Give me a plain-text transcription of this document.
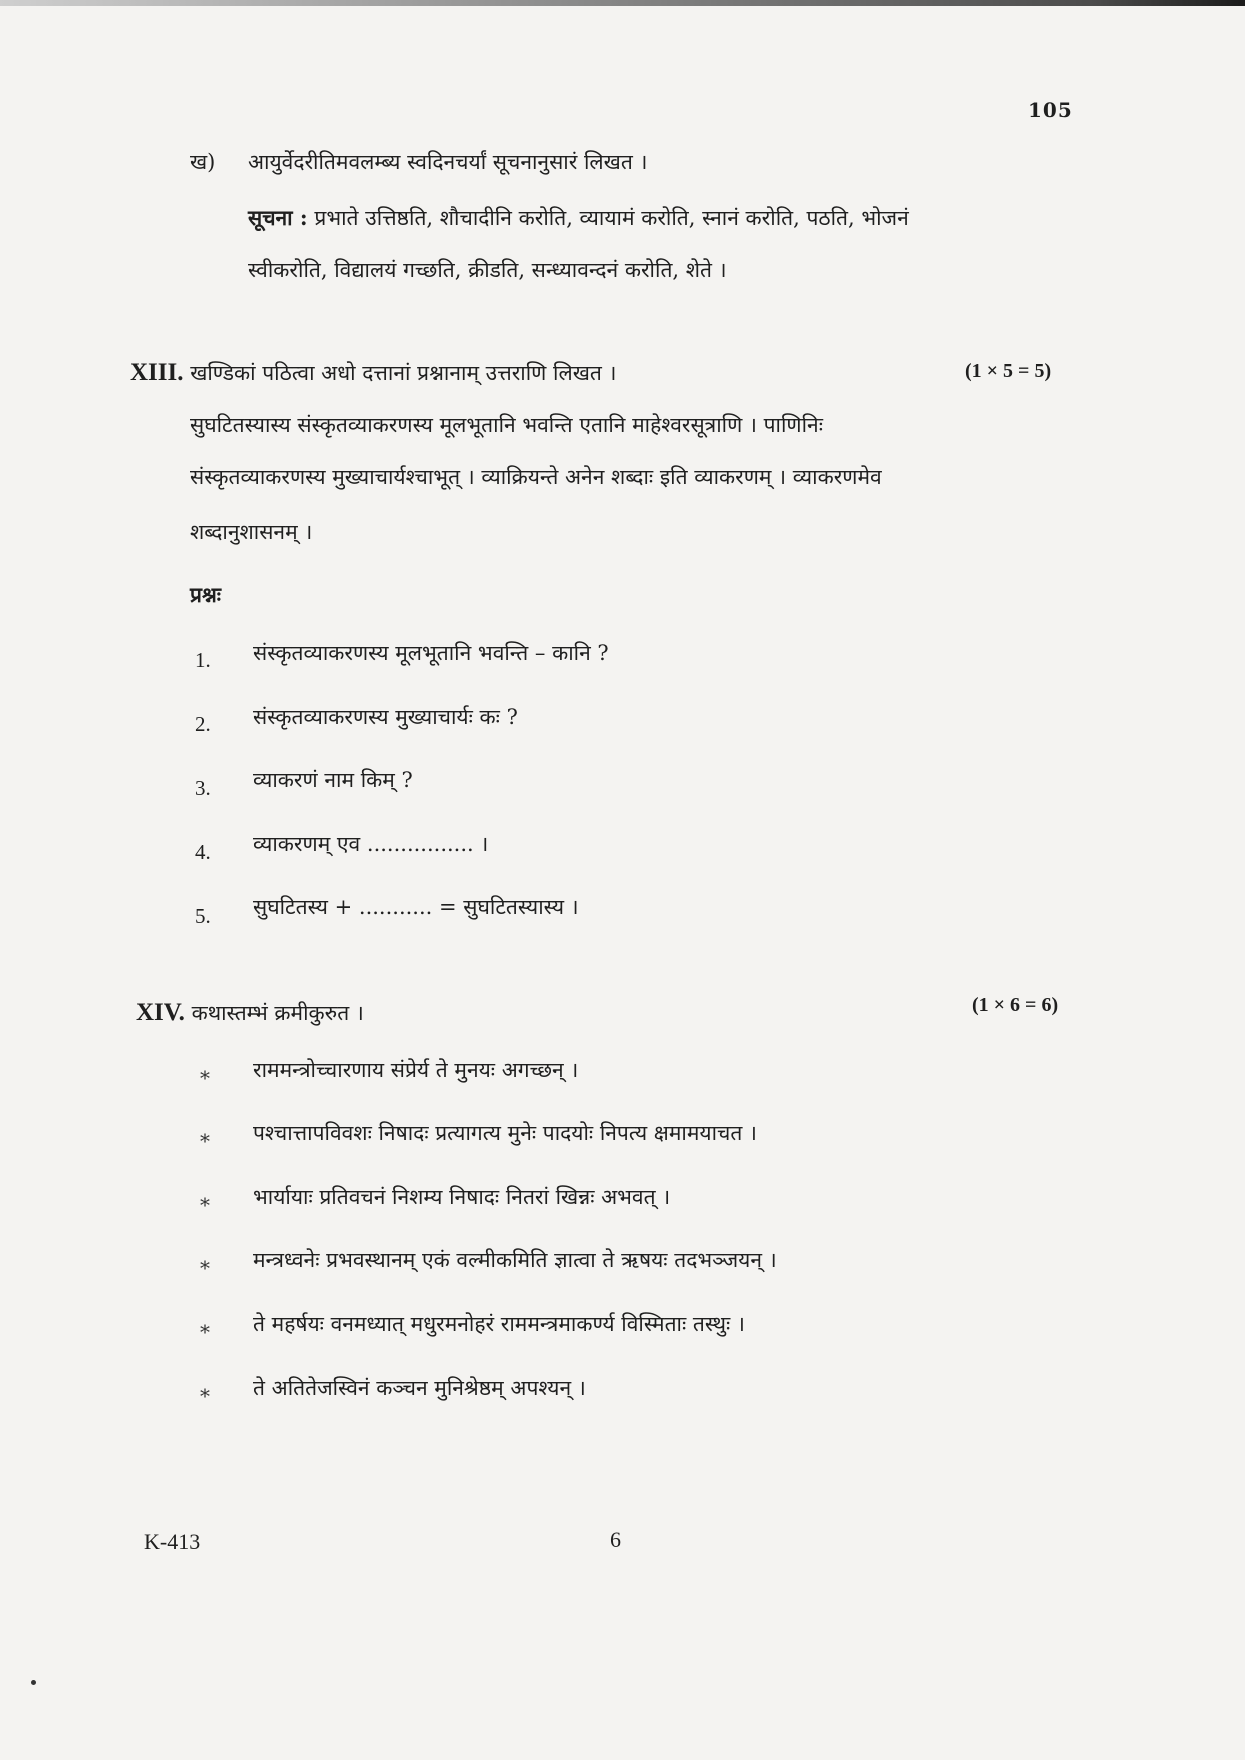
105
ख) आयुर्वेदरीतिमवलम्ब्य स्वदिनचर्यां सूचनानुसारं लिखत ।
सूचना : प्रभाते उत्तिष्ठति, शौचादीनि करोति, व्यायामं करोति, स्नानं करोति, पठति, भोजनं
स्वीकरोति, विद्यालयं गच्छति, क्रीडति, सन्ध्यावन्दनं करोति, शेते ।
XIII. खण्डिकां पठित्वा अधो दत्तानां प्रश्नानाम् उत्तराणि लिखत ।	(1 × 5 = 5)
सुघटितस्यास्य संस्कृतव्याकरणस्य मूलभूतानि भवन्ति एतानि माहेश्वरसूत्राणि । पाणिनिः
संस्कृतव्याकरणस्य मुख्याचार्यश्चाभूत् । व्याक्रियन्ते अनेन शब्दाः इति व्याकरणम् । व्याकरणमेव
शब्दानुशासनम् ।
प्रश्नः
1.	संस्कृतव्याकरणस्य मूलभूतानि भवन्ति – कानि ?
2.	संस्कृतव्याकरणस्य मुख्याचार्यः कः ?
3.	व्याकरणं नाम किम् ?
4.	व्याकरणम् एव ................ ।
5.	सुघटितस्य + ........... = सुघटितस्यास्य ।
XIV. कथास्तम्भं क्रमीकुरुत ।	(1 × 6 = 6)
*	राममन्त्रोच्चारणाय संप्रेर्य ते मुनयः अगच्छन् ।
*	पश्चात्तापविवशः निषादः प्रत्यागत्य मुनेः पादयोः निपत्य क्षमामयाचत ।
*	भार्यायाः प्रतिवचनं निशम्य निषादः नितरां खिन्नः अभवत् ।
*	मन्त्रध्वनेः प्रभवस्थानम् एकं वल्मीकमिति ज्ञात्वा ते ऋषयः तदभञ्जयन् ।
*	ते महर्षयः वनमध्यात् मधुरमनोहरं राममन्त्रमाकर्ण्य विस्मिताः तस्थुः ।
*	ते अतितेजस्विनं कञ्चन मुनिश्रेष्ठम् अपश्यन् ।
K-413	6
